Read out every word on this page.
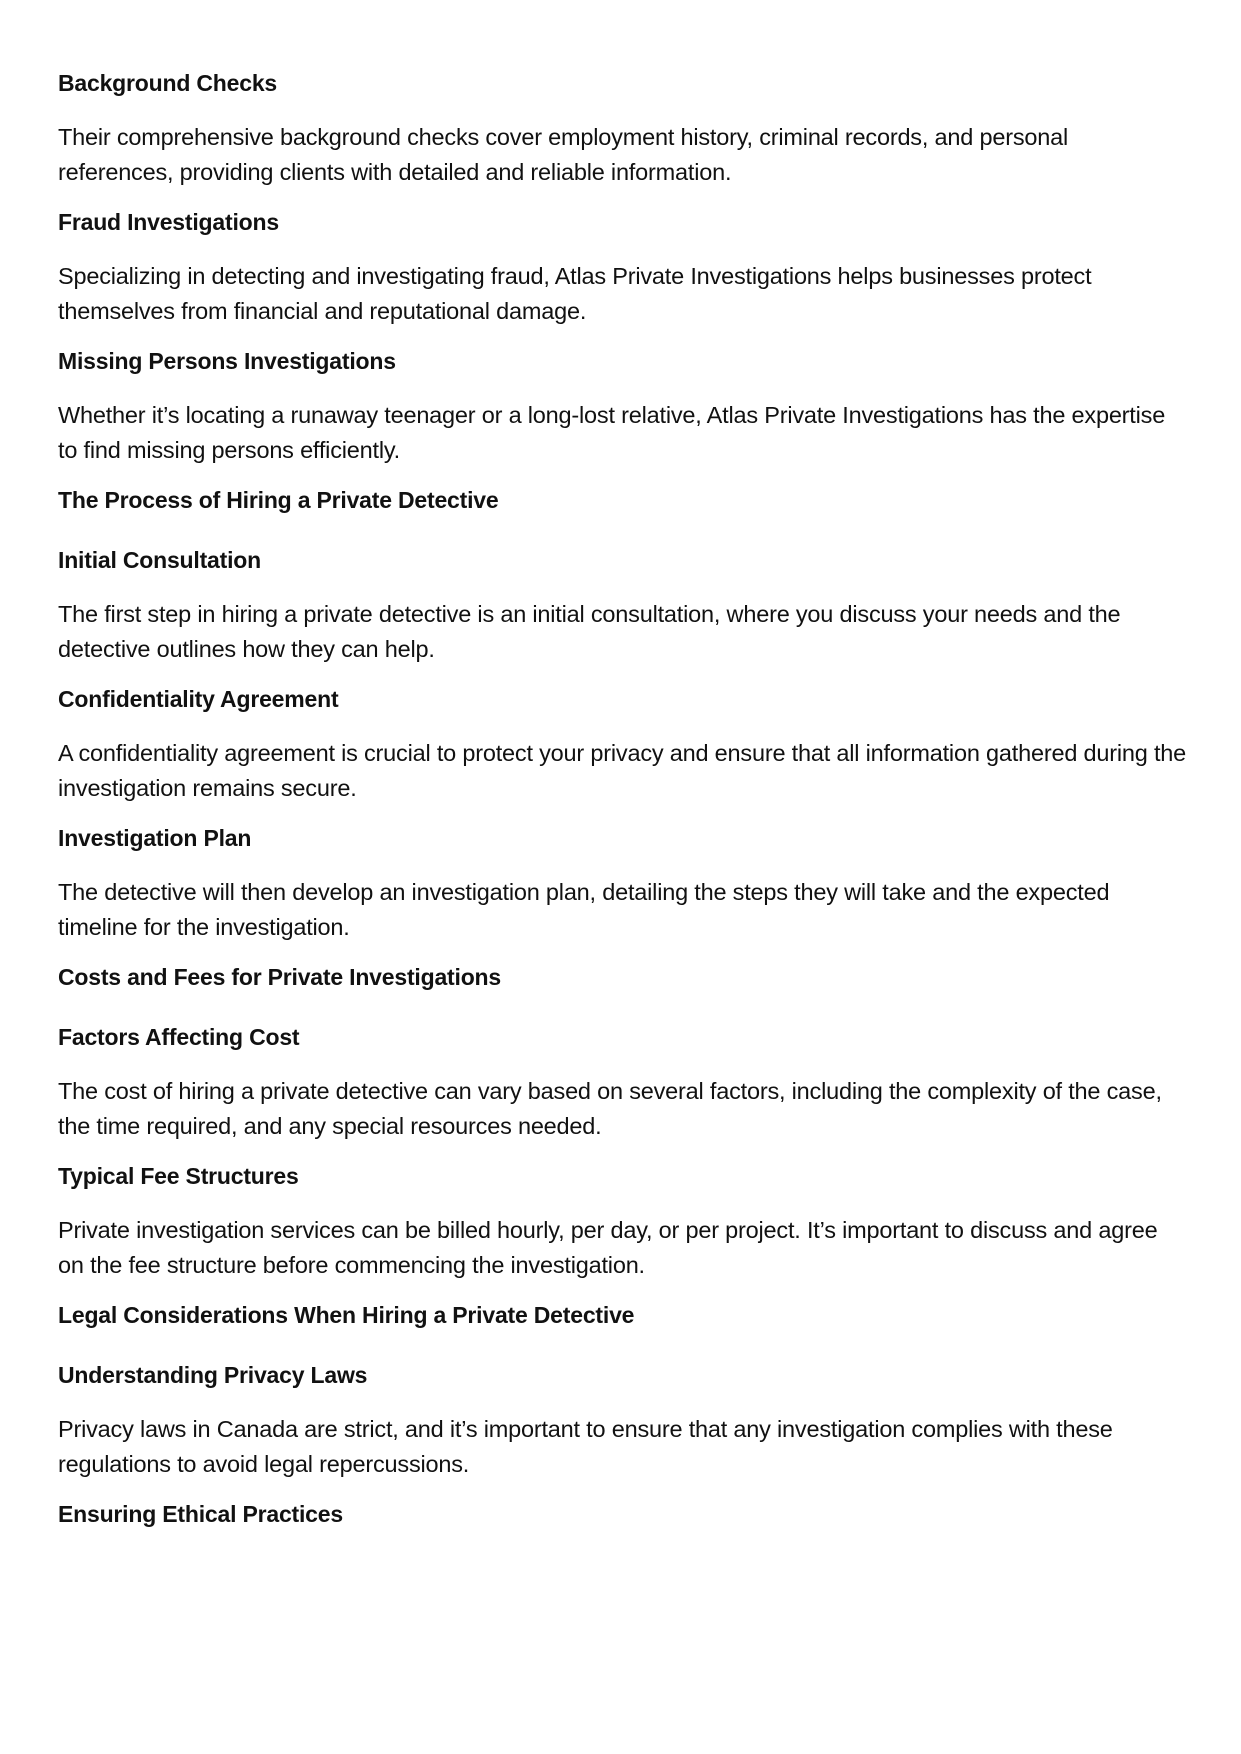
Background Checks

Their comprehensive background checks cover employment history, criminal records, and personal references, providing clients with detailed and reliable information.

Fraud Investigations

Specializing in detecting and investigating fraud, Atlas Private Investigations helps businesses protect themselves from financial and reputational damage.

Missing Persons Investigations

Whether it’s locating a runaway teenager or a long-lost relative, Atlas Private Investigations has the expertise to find missing persons efficiently.

The Process of Hiring a Private Detective

Initial Consultation

The first step in hiring a private detective is an initial consultation, where you discuss your needs and the detective outlines how they can help.

Confidentiality Agreement

A confidentiality agreement is crucial to protect your privacy and ensure that all information gathered during the investigation remains secure.

Investigation Plan

The detective will then develop an investigation plan, detailing the steps they will take and the expected timeline for the investigation.

Costs and Fees for Private Investigations

Factors Affecting Cost

The cost of hiring a private detective can vary based on several factors, including the complexity of the case, the time required, and any special resources needed.

Typical Fee Structures

Private investigation services can be billed hourly, per day, or per project. It’s important to discuss and agree on the fee structure before commencing the investigation.

Legal Considerations When Hiring a Private Detective

Understanding Privacy Laws

Privacy laws in Canada are strict, and it’s important to ensure that any investigation complies with these regulations to avoid legal repercussions.

Ensuring Ethical Practices
